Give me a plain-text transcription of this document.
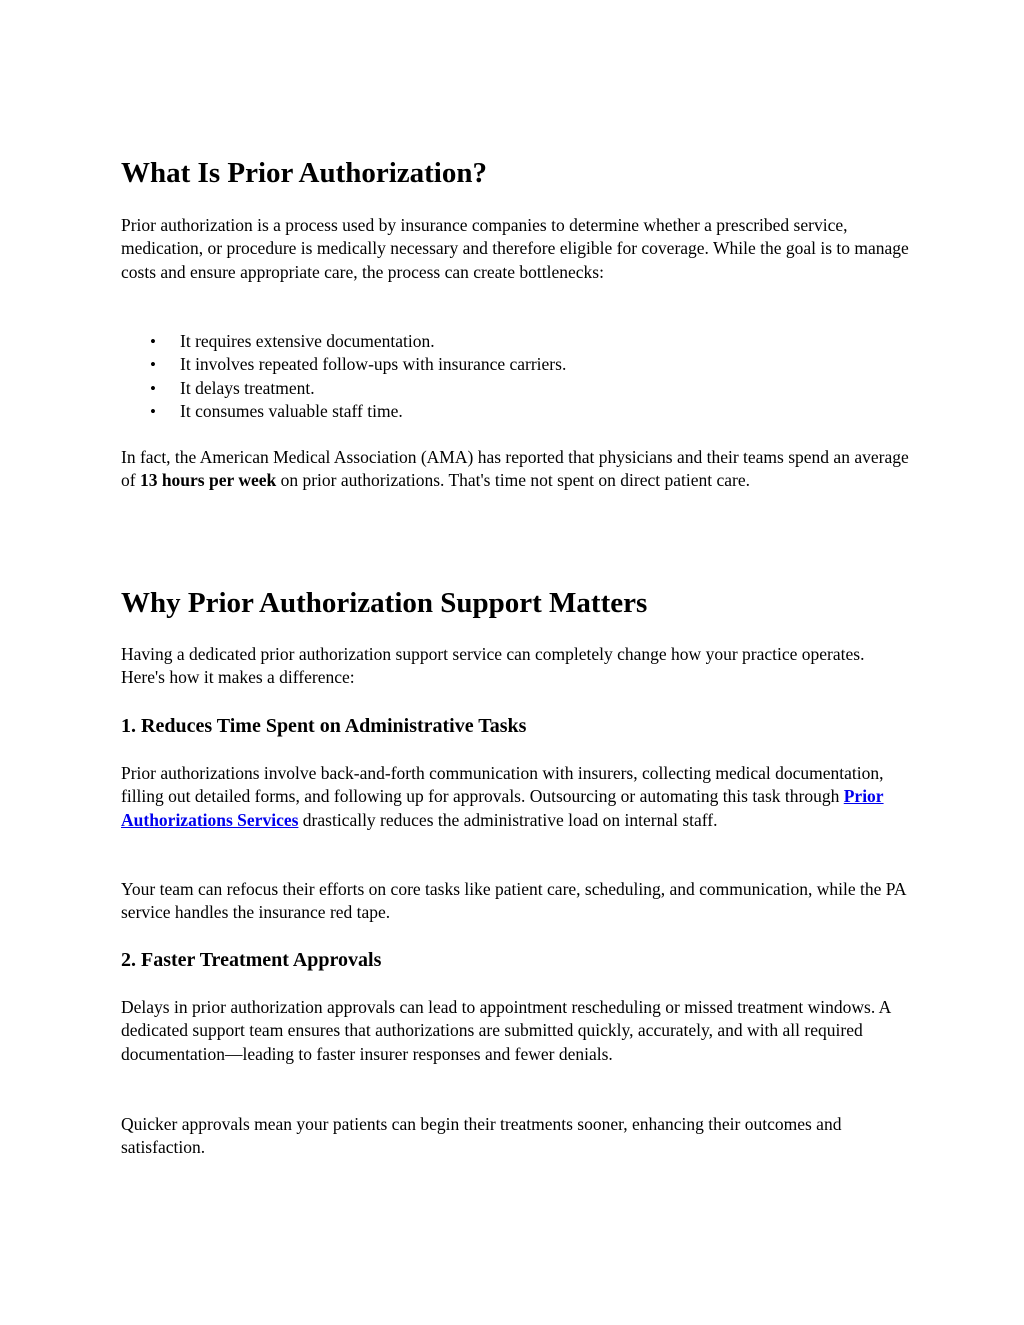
What Is Prior Authorization?

Prior authorization is a process used by insurance companies to determine whether a prescribed service, medication, or procedure is medically necessary and therefore eligible for coverage. While the goal is to manage costs and ensure appropriate care, the process can create bottlenecks:

• It requires extensive documentation.
• It involves repeated follow-ups with insurance carriers.
• It delays treatment.
• It consumes valuable staff time.

In fact, the American Medical Association (AMA) has reported that physicians and their teams spend an average of 13 hours per week on prior authorizations. That's time not spent on direct patient care.

Why Prior Authorization Support Matters

Having a dedicated prior authorization support service can completely change how your practice operates. Here's how it makes a difference:

1. Reduces Time Spent on Administrative Tasks

Prior authorizations involve back-and-forth communication with insurers, collecting medical documentation, filling out detailed forms, and following up for approvals. Outsourcing or automating this task through Prior Authorizations Services drastically reduces the administrative load on internal staff.

Your team can refocus their efforts on core tasks like patient care, scheduling, and communication, while the PA service handles the insurance red tape.

2. Faster Treatment Approvals

Delays in prior authorization approvals can lead to appointment rescheduling or missed treatment windows. A dedicated support team ensures that authorizations are submitted quickly, accurately, and with all required documentation—leading to faster insurer responses and fewer denials.

Quicker approvals mean your patients can begin their treatments sooner, enhancing their outcomes and satisfaction.
